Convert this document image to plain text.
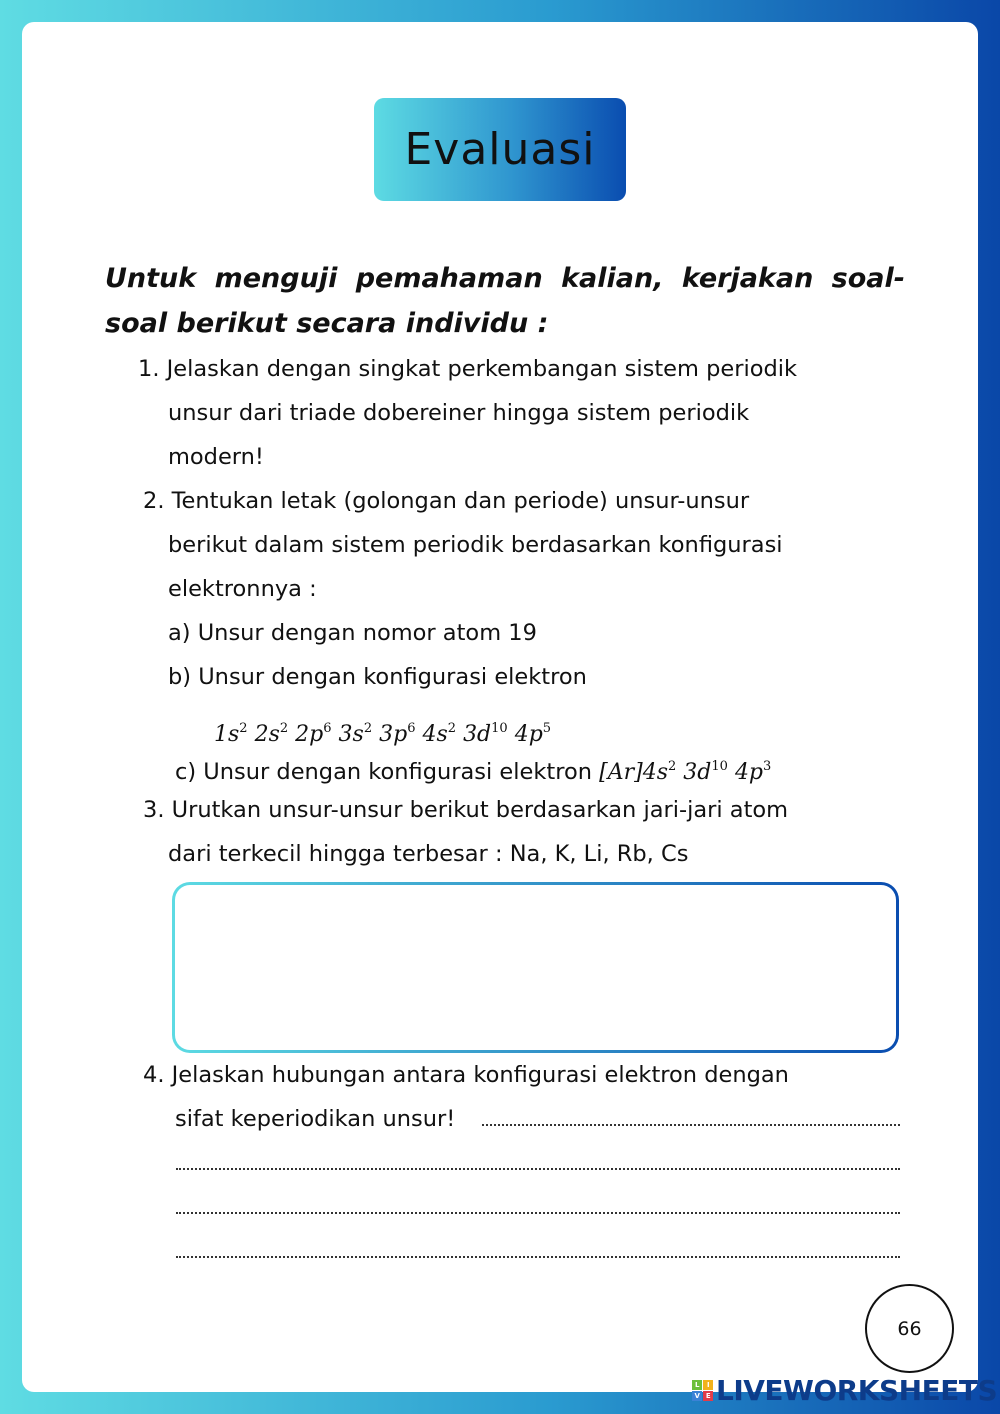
Evaluasi
Untuk menguji pemahaman kalian, kerjakan soal-soal berikut secara individu :
1. Jelaskan dengan singkat perkembangan sistem periodik
unsur dari triade dobereiner hingga sistem periodik
modern!
2. Tentukan letak (golongan dan periode) unsur-unsur
berikut dalam sistem periodik berdasarkan konfigurasi
elektronnya :
a) Unsur dengan nomor atom 19
b) Unsur dengan konfigurasi elektron
$1s^2$ $2s^2$ $2p^6$ $3s^2$ $3p^6$ $4s^2$ $3d^{10}$ $4p^5$
c) Unsur dengan konfigurasi elektron $[Ar]4s^2$ $3d^{10}$ $4p^3$
3. Urutkan unsur-unsur berikut berdasarkan jari-jari atom
dari terkecil hingga terbesar : Na, K, Li, Rb, Cs
4. Jelaskan hubungan antara konfigurasi elektron dengan
sifat keperiodikan unsur!
66
L	I
V E LIVEWORKSHEETS
